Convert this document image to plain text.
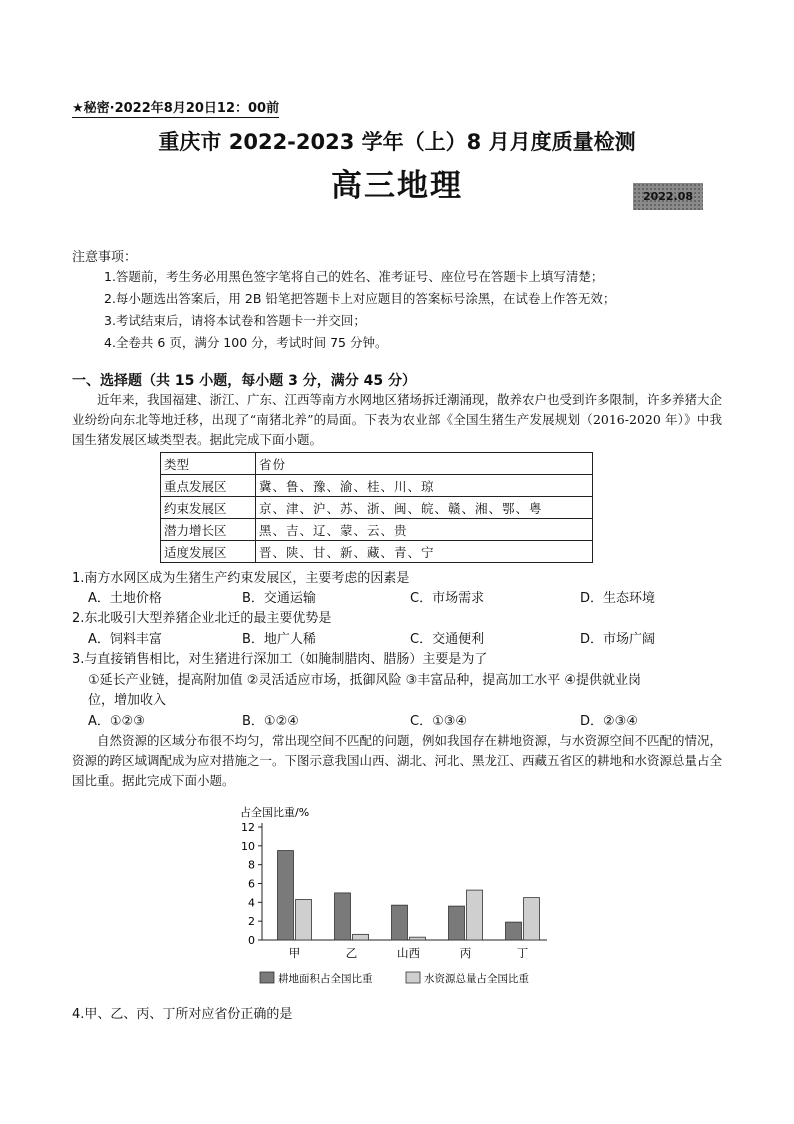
★秘密·2022年8月20日12：00前
重庆市 2022-2023 学年（上）8 月月度质量检测
高三地理	2022.08
注意事项：
1.答题前，考生务必用黑色签字笔将自己的姓名、准考证号、座位号在答题卡上填写清楚；
2.每小题选出答案后，用 2B 铅笔把答题卡上对应题目的答案标号涂黑，在试卷上作答无效；
3.考试结束后，请将本试卷和答题卡一并交回；
4.全卷共 6 页，满分 100 分，考试时间 75 分钟。
一、选择题（共 15 小题，每小题 3 分，满分 45 分）
近年来，我国福建、浙江、广东、江西等南方水网地区猪场拆迁潮涌现，散养农户也受到许多限制，许多养猪大企业纷纷向东北等地迁移，出现了“南猪北养”的局面。下表为农业部《全国生猪生产发展规划（2016-2020 年）》中我国生猪发展区域类型表。据此完成下面小题。
类型	省份
重点发展区	冀、鲁、豫、渝、桂、川、琼
约束发展区	京、津、沪、苏、浙、闽、皖、赣、湘、鄂、粤
潜力增长区	黑、吉、辽、蒙、云、贵
适度发展区	晋、陕、甘、新、藏、青、宁
1.南方水网区成为生猪生产约束发展区，主要考虑的因素是
A．土地价格	B．交通运输	C．市场需求	D．生态环境
2.东北吸引大型养猪企业北迁的最主要优势是
A．饲料丰富	B．地广人稀	C．交通便利	D．市场广阔
3.与直接销售相比，对生猪进行深加工（如腌制腊肉、腊肠）主要是为了
①延长产业链，提高附加值 ②灵活适应市场，抵御风险 ③丰富品种，提高加工水平 ④提供就业岗
位，增加收入
A．①②③	B．①②④	C．①③④	D．②③④
自然资源的区域分布很不均匀，常出现空间不匹配的问题，例如我国存在耕地资源，与水资源空间不匹配的情况，资源的跨区域调配成为应对措施之一。下图示意我国山西、湖北、河北、黑龙江、西藏五省区的耕地和水资源总量占全国比重。据此完成下面小题。
占全国比重/%
0
2
4
6
8
10
12
甲	乙	山西	丙	丁
耕地面积占全国比重	水资源总量占全国比重
4.甲、乙、丙、丁所对应省份正确的是
